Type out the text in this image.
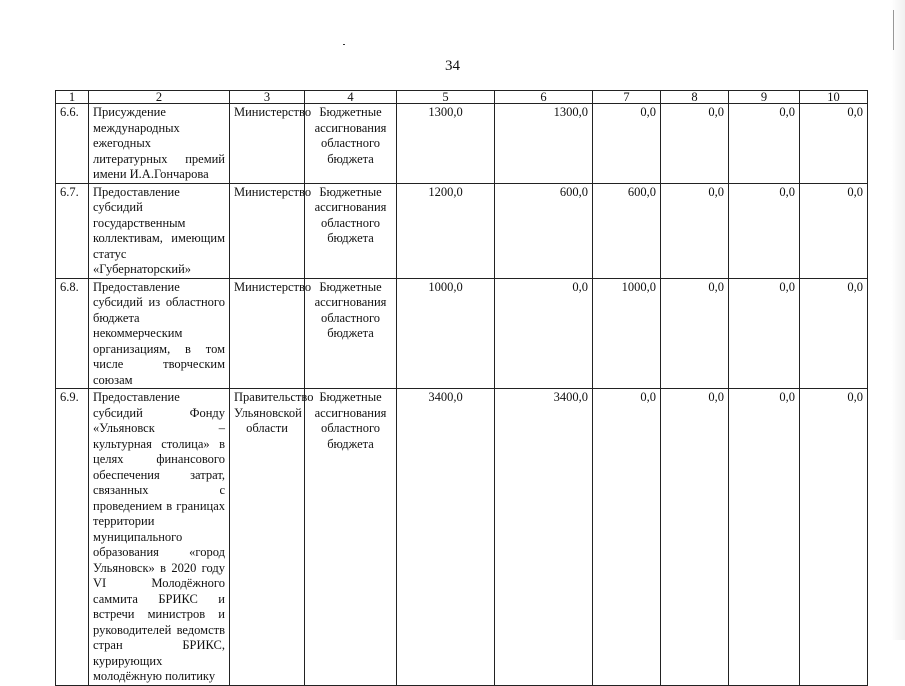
34
1	2	3	4	5	6	7	8	9	10
6.6.	Присуждение международных ежегодных литературных премий имени И.А.Гончарова	Министерство	Бюджетные ассигнования областного бюджета	1300,0	1300,0	0,0	0,0	0,0	0,0
6.7.	Предоставление субсидий государственным коллективам, имеющим статус «Губернаторский»	Министерство	Бюджетные ассигнования областного бюджета	1200,0	600,0	600,0	0,0	0,0	0,0
6.8.	Предоставление субсидий из областного бюджета некоммерческим организациям, в том числе творческим союзам	Министерство	Бюджетные ассигнования областного бюджета	1000,0	0,0	1000,0	0,0	0,0	0,0
6.9.	Предоставление субсидий Фонду «Ульяновск – культурная столица» в целях финансового обеспечения затрат, связанных с проведением в границах территории муниципального образования «город Ульяновск» в 2020 году VI Молодёжного саммита БРИКС и встречи министров и руководителей ведомств стран БРИКС, курирующих молодёжную политику	Правительство Ульяновской области	Бюджетные ассигнования областного бюджета	3400,0	3400,0	0,0	0,0	0,0	0,0
